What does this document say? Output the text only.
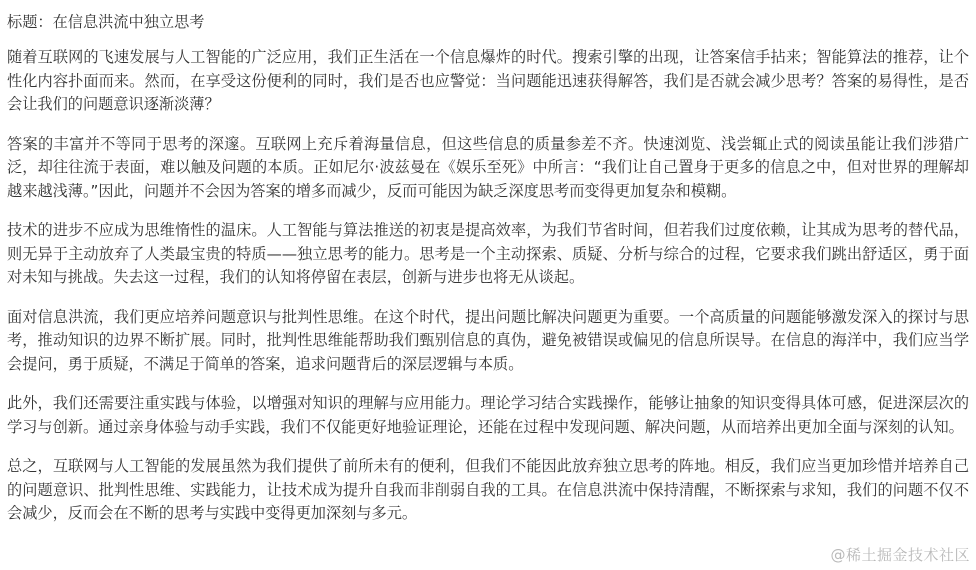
标题：在信息洪流中独立思考

随着互联网的飞速发展与人工智能的广泛应用，我们正生活在一个信息爆炸的时代。搜索引擎的出现，让答案信手拈来；智能算法的推荐，让个性化内容扑面而来。然而，在享受这份便利的同时，我们是否也应警觉：当问题能迅速获得解答，我们是否就会减少思考？答案的易得性，是否会让我们的问题意识逐渐淡薄？

答案的丰富并不等同于思考的深邃。互联网上充斥着海量信息，但这些信息的质量参差不齐。快速浏览、浅尝辄止式的阅读虽能让我们涉猎广泛，却往往流于表面，难以触及问题的本质。正如尼尔·波兹曼在《娱乐至死》中所言：“我们让自己置身于更多的信息之中，但对世界的理解却越来越浅薄。”因此，问题并不会因为答案的增多而减少，反而可能因为缺乏深度思考而变得更加复杂和模糊。

技术的进步不应成为思维惰性的温床。人工智能与算法推送的初衷是提高效率，为我们节省时间，但若我们过度依赖，让其成为思考的替代品，则无异于主动放弃了人类最宝贵的特质——独立思考的能力。思考是一个主动探索、质疑、分析与综合的过程，它要求我们跳出舒适区，勇于面对未知与挑战。失去这一过程，我们的认知将停留在表层，创新与进步也将无从谈起。

面对信息洪流，我们更应培养问题意识与批判性思维。在这个时代，提出问题比解决问题更为重要。一个高质量的问题能够激发深入的探讨与思考，推动知识的边界不断扩展。同时，批判性思维能帮助我们甄别信息的真伪，避免被错误或偏见的信息所误导。在信息的海洋中，我们应当学会提问，勇于质疑，不满足于简单的答案，追求问题背后的深层逻辑与本质。

此外，我们还需要注重实践与体验，以增强对知识的理解与应用能力。理论学习结合实践操作，能够让抽象的知识变得具体可感，促进深层次的学习与创新。通过亲身体验与动手实践，我们不仅能更好地验证理论，还能在过程中发现问题、解决问题，从而培养出更加全面与深刻的认知。

总之，互联网与人工智能的发展虽然为我们提供了前所未有的便利，但我们不能因此放弃独立思考的阵地。相反，我们应当更加珍惜并培养自己的问题意识、批判性思维、实践能力，让技术成为提升自我而非削弱自我的工具。在信息洪流中保持清醒，不断探索与求知，我们的问题不仅不会减少，反而会在不断的思考与实践中变得更加深刻与多元。

@稀土掘金技术社区
